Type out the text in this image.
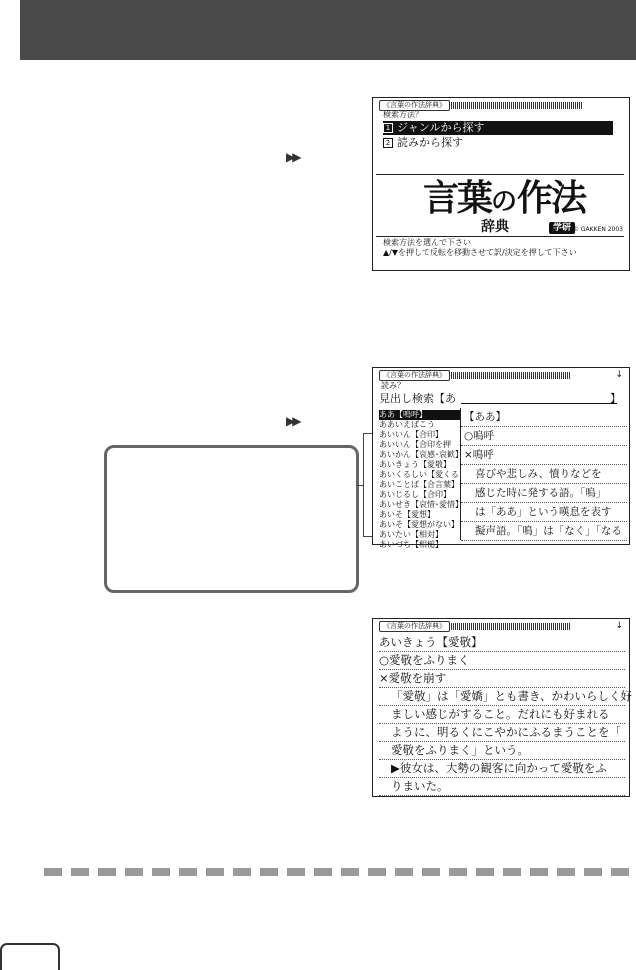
《言葉の作法辞典》
検索方法？
1 ジャンルから探す
2 読みから探す
言葉の作法
辞典	学研 © GAKKEN 2003
検索方法を選んで下さい
▲/▼を押して反転を移動させて訳/決定を押して下さい
▶▶
《言葉の作法辞典》	↓
読み？
見出し検索【あ	】
ああ【嗚呼】
ああいえばこう
あいいん【合印】
あいいん【合印を押
あいかん【哀感･哀歓】
あいきょう【愛敬】
あいくるしい【愛くる
あいことば【合言葉】
あいじるし【合印】
あいせき【哀惜･愛惜】
あいそ【愛想】
あいそ【愛想がない】
あいたい【相対】
あいづち【相槌】
【ああ】
○嗚呼
×鳴呼
喜びや悲しみ、憤りなどを
感じた時に発する語。「嗚」
は「ああ」という嘆息を表す
擬声語。「鳴」は「なく」「なる
▶▶
《言葉の作法辞典》	↓
あいきょう【愛敬】
○愛敬をふりまく
×愛敬を崩す
「愛敬」は「愛嬌」とも書き、かわいらしく好
ましい感じがすること。だれにも好まれる
ように、明るくにこやかにふるまうことを「
愛敬をふりまく」という。
▶彼女は、大勢の観客に向かって愛敬をふ
りまいた。
